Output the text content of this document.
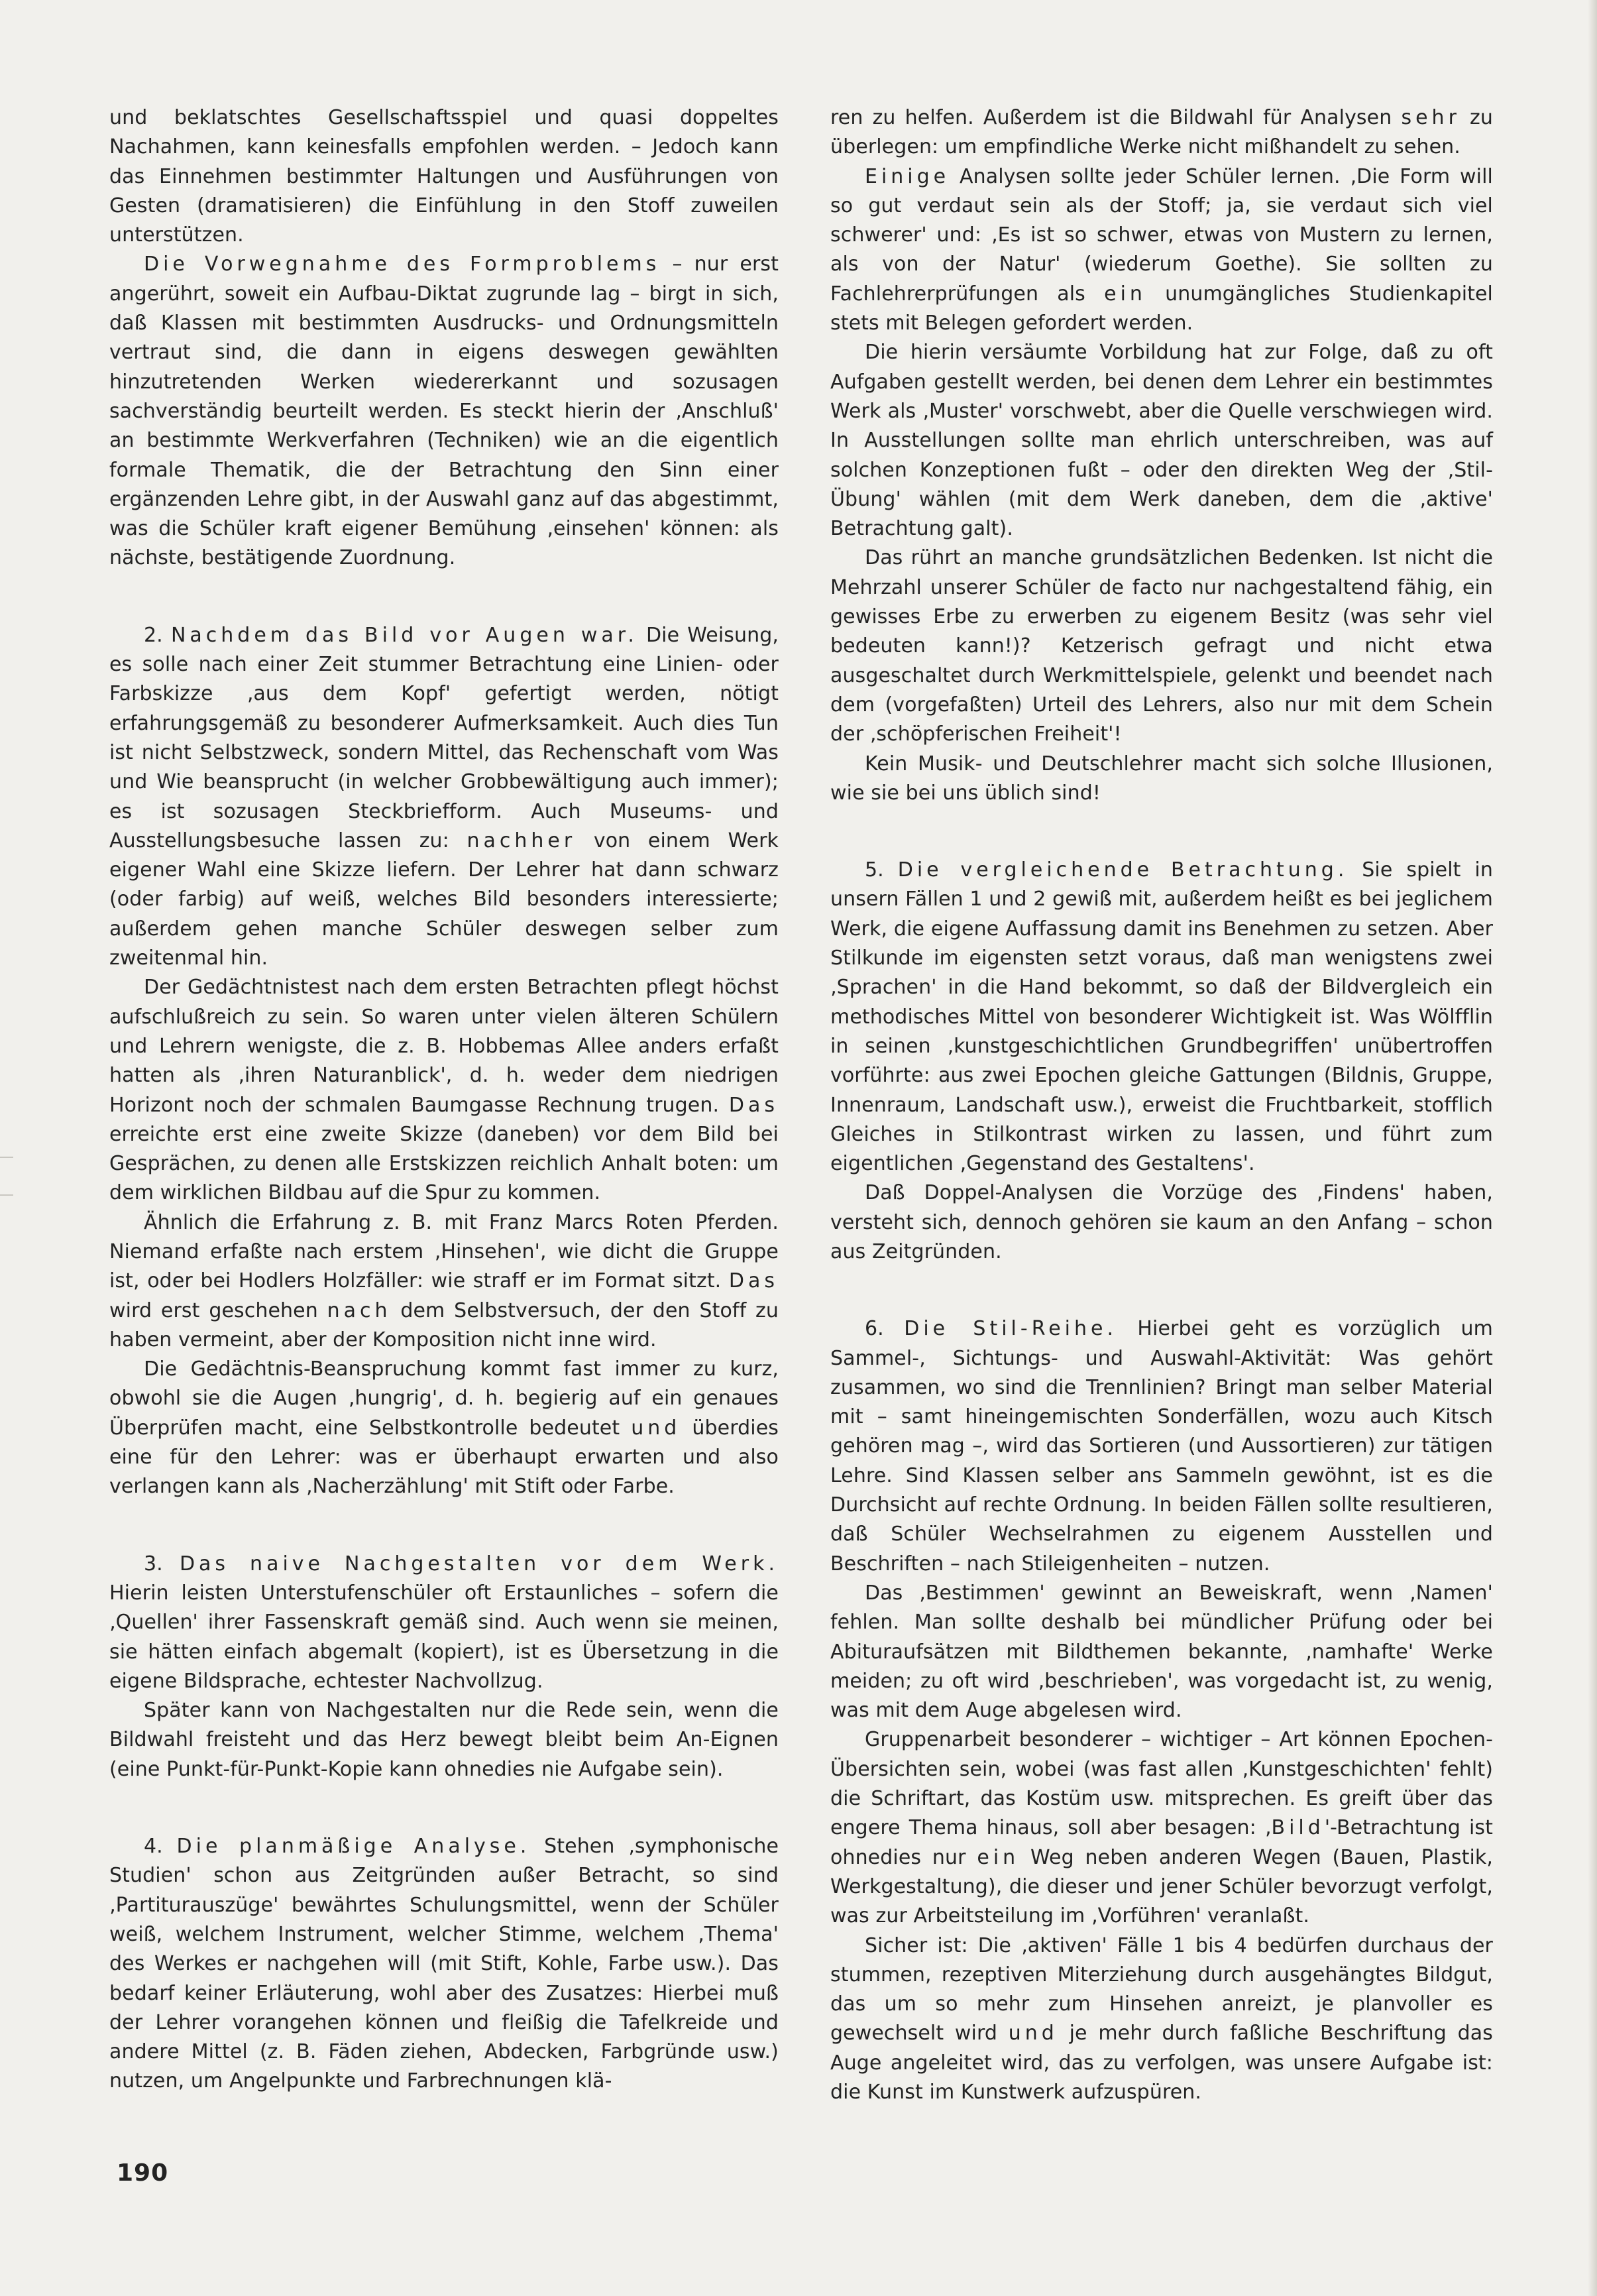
und beklatschtes Gesellschaftsspiel und quasi doppeltes Nachahmen, kann keinesfalls empfohlen werden. – Jedoch kann das Einnehmen bestimmter Haltungen und Ausführungen von Gesten (dramatisieren) die Einfühlung in den Stoff zuweilen unterstützen.

Die Vorwegnahme des Formproblems – nur erst angerührt, soweit ein Aufbau-Diktat zugrunde lag – birgt in sich, daß Klassen mit bestimmten Ausdrucks- und Ordnungsmitteln vertraut sind, die dann in eigens deswegen gewählten hinzutretenden Werken wiedererkannt und sozusagen sachverständig beurteilt werden. Es steckt hierin der ‚Anschluß' an bestimmte Werkverfahren (Techniken) wie an die eigentlich formale Thematik, die der Betrachtung den Sinn einer ergänzenden Lehre gibt, in der Auswahl ganz auf das abgestimmt, was die Schüler kraft eigener Bemühung ‚einsehen' können: als nächste, bestätigende Zuordnung.

2. Nachdem das Bild vor Augen war. Die Weisung, es solle nach einer Zeit stummer Betrachtung eine Linien- oder Farbskizze ‚aus dem Kopf' gefertigt werden, nötigt erfahrungsgemäß zu besonderer Aufmerksamkeit. Auch dies Tun ist nicht Selbstzweck, sondern Mittel, das Rechenschaft vom Was und Wie beansprucht (in welcher Grobbewältigung auch immer); es ist sozusagen Steckbriefform. Auch Museums- und Ausstellungsbesuche lassen zu: nachher von einem Werk eigener Wahl eine Skizze liefern. Der Lehrer hat dann schwarz (oder farbig) auf weiß, welches Bild besonders interessierte; außerdem gehen manche Schüler deswegen selber zum zweitenmal hin.

Der Gedächtnistest nach dem ersten Betrachten pflegt höchst aufschlußreich zu sein. So waren unter vielen älteren Schülern und Lehrern wenigste, die z. B. Hobbemas Allee anders erfaßt hatten als ‚ihren Naturanblick', d. h. weder dem niedrigen Horizont noch der schmalen Baumgasse Rechnung trugen. Das erreichte erst eine zweite Skizze (daneben) vor dem Bild bei Gesprächen, zu denen alle Erstskizzen reichlich Anhalt boten: um dem wirklichen Bildbau auf die Spur zu kommen.

Ähnlich die Erfahrung z. B. mit Franz Marcs Roten Pferden. Niemand erfaßte nach erstem ‚Hinsehen', wie dicht die Gruppe ist, oder bei Hodlers Holzfäller: wie straff er im Format sitzt. Das wird erst geschehen nach dem Selbstversuch, der den Stoff zu haben vermeint, aber der Komposition nicht inne wird.

Die Gedächtnis-Beanspruchung kommt fast immer zu kurz, obwohl sie die Augen ‚hungrig', d. h. begierig auf ein genaues Überprüfen macht, eine Selbstkontrolle bedeutet und überdies eine für den Lehrer: was er überhaupt erwarten und also verlangen kann als ‚Nacherzählung' mit Stift oder Farbe.

3. Das naive Nachgestalten vor dem Werk. Hierin leisten Unterstufenschüler oft Erstaunliches – sofern die ‚Quellen' ihrer Fassenskraft gemäß sind. Auch wenn sie meinen, sie hätten einfach abgemalt (kopiert), ist es Übersetzung in die eigene Bildsprache, echtester Nachvollzug.

Später kann von Nachgestalten nur die Rede sein, wenn die Bildwahl freisteht und das Herz bewegt bleibt beim An-Eignen (eine Punkt-für-Punkt-Kopie kann ohnedies nie Aufgabe sein).

4. Die planmäßige Analyse. Stehen ‚symphonische Studien' schon aus Zeitgründen außer Betracht, so sind ‚Partiturauszüge' bewährtes Schulungsmittel, wenn der Schüler weiß, welchem Instrument, welcher Stimme, welchem ‚Thema' des Werkes er nachgehen will (mit Stift, Kohle, Farbe usw.). Das bedarf keiner Erläuterung, wohl aber des Zusatzes: Hierbei muß der Lehrer vorangehen können und fleißig die Tafelkreide und andere Mittel (z. B. Fäden ziehen, Abdecken, Farbgründe usw.) nutzen, um Angelpunkte und Farbrechnungen klä-

ren zu helfen. Außerdem ist die Bildwahl für Analysen sehr zu überlegen: um empfindliche Werke nicht mißhandelt zu sehen.

Einige Analysen sollte jeder Schüler lernen. ‚Die Form will so gut verdaut sein als der Stoff; ja, sie verdaut sich viel schwerer' und: ‚Es ist so schwer, etwas von Mustern zu lernen, als von der Natur' (wiederum Goethe). Sie sollten zu Fachlehrerprüfungen als ein unumgängliches Studienkapitel stets mit Belegen gefordert werden.

Die hierin versäumte Vorbildung hat zur Folge, daß zu oft Aufgaben gestellt werden, bei denen dem Lehrer ein bestimmtes Werk als ‚Muster' vorschwebt, aber die Quelle verschwiegen wird. In Ausstellungen sollte man ehrlich unterschreiben, was auf solchen Konzeptionen fußt – oder den direkten Weg der ‚Stil-Übung' wählen (mit dem Werk daneben, dem die ‚aktive' Betrachtung galt).

Das rührt an manche grundsätzlichen Bedenken. Ist nicht die Mehrzahl unserer Schüler de facto nur nachgestaltend fähig, ein gewisses Erbe zu erwerben zu eigenem Besitz (was sehr viel bedeuten kann!)? Ketzerisch gefragt und nicht etwa ausgeschaltet durch Werkmittelspiele, gelenkt und beendet nach dem (vorgefaßten) Urteil des Lehrers, also nur mit dem Schein der ‚schöpferischen Freiheit'!

Kein Musik- und Deutschlehrer macht sich solche Illusionen, wie sie bei uns üblich sind!

5. Die vergleichende Betrachtung. Sie spielt in unsern Fällen 1 und 2 gewiß mit, außerdem heißt es bei jeglichem Werk, die eigene Auffassung damit ins Benehmen zu setzen. Aber Stilkunde im eigensten setzt voraus, daß man wenigstens zwei ‚Sprachen' in die Hand bekommt, so daß der Bildvergleich ein methodisches Mittel von besonderer Wichtigkeit ist. Was Wölfflin in seinen ‚kunstgeschichtlichen Grundbegriffen' unübertroffen vorführte: aus zwei Epochen gleiche Gattungen (Bildnis, Gruppe, Innenraum, Landschaft usw.), erweist die Fruchtbarkeit, stofflich Gleiches in Stilkontrast wirken zu lassen, und führt zum eigentlichen ‚Gegenstand des Gestaltens'.

Daß Doppel-Analysen die Vorzüge des ‚Findens' haben, versteht sich, dennoch gehören sie kaum an den Anfang – schon aus Zeitgründen.

6. Die Stil-Reihe. Hierbei geht es vorzüglich um Sammel-, Sichtungs- und Auswahl-Aktivität: Was gehört zusammen, wo sind die Trennlinien? Bringt man selber Material mit – samt hineingemischten Sonderfällen, wozu auch Kitsch gehören mag –, wird das Sortieren (und Aussortieren) zur tätigen Lehre. Sind Klassen selber ans Sammeln gewöhnt, ist es die Durchsicht auf rechte Ordnung. In beiden Fällen sollte resultieren, daß Schüler Wechselrahmen zu eigenem Ausstellen und Beschriften – nach Stileigenheiten – nutzen.

Das ‚Bestimmen' gewinnt an Beweiskraft, wenn ‚Namen' fehlen. Man sollte deshalb bei mündlicher Prüfung oder bei Abituraufsätzen mit Bildthemen bekannte, ‚namhafte' Werke meiden; zu oft wird ‚beschrieben', was vorgedacht ist, zu wenig, was mit dem Auge abgelesen wird.

Gruppenarbeit besonderer – wichtiger – Art können Epochen-Übersichten sein, wobei (was fast allen ‚Kunstgeschichten' fehlt) die Schriftart, das Kostüm usw. mitsprechen. Es greift über das engere Thema hinaus, soll aber besagen: ‚Bild'-Betrachtung ist ohnedies nur ein Weg neben anderen Wegen (Bauen, Plastik, Werkgestaltung), die dieser und jener Schüler bevorzugt verfolgt, was zur Arbeitsteilung im ‚Vorführen' veranlaßt.

Sicher ist: Die ‚aktiven' Fälle 1 bis 4 bedürfen durchaus der stummen, rezeptiven Miterziehung durch ausgehängtes Bildgut, das um so mehr zum Hinsehen anreizt, je planvoller es gewechselt wird und je mehr durch faßliche Beschriftung das Auge angeleitet wird, das zu verfolgen, was unsere Aufgabe ist: die Kunst im Kunstwerk aufzuspüren.

190
